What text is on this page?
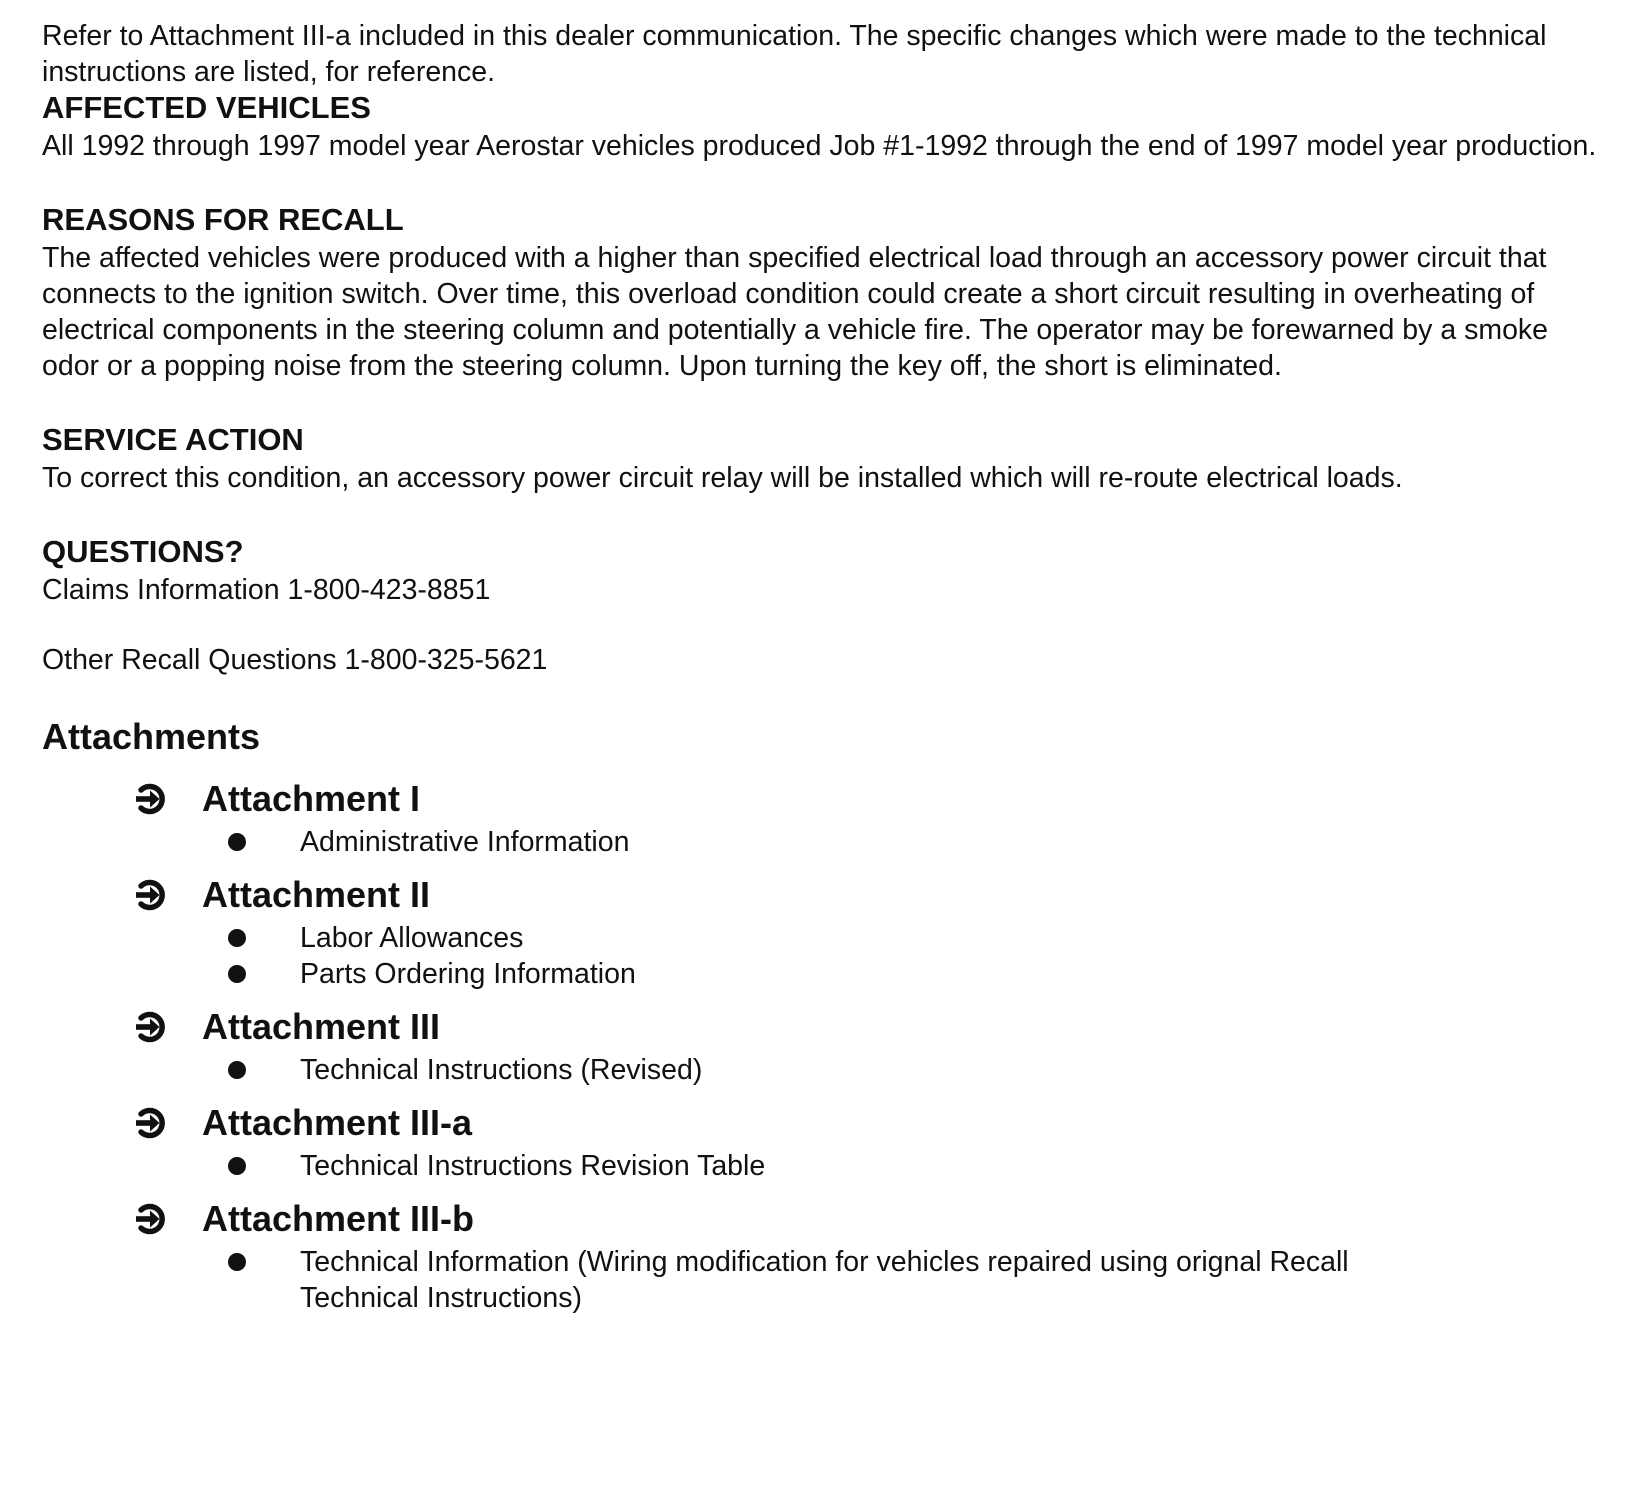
Refer to Attachment III-a included in this dealer communication. The specific changes which were made to the technical instructions are listed, for reference.

AFFECTED VEHICLES

All 1992 through 1997 model year Aerostar vehicles produced Job #1-1992 through the end of 1997 model year production.

REASONS FOR RECALL

The affected vehicles were produced with a higher than specified electrical load through an accessory power circuit that connects to the ignition switch. Over time, this overload condition could create a short circuit resulting in overheating of electrical components in the steering column and potentially a vehicle fire. The operator may be forewarned by a smoke odor or a popping noise from the steering column. Upon turning the key off, the short is eliminated.

SERVICE ACTION

To correct this condition, an accessory power circuit relay will be installed which will re-route electrical loads.

QUESTIONS?

Claims Information 1-800-423-8851

Other Recall Questions 1-800-325-5621

Attachments
Attachment I
Administrative Information
Attachment II
Labor Allowances
Parts Ordering Information
Attachment III
Technical Instructions (Revised)
Attachment III-a
Technical Instructions Revision Table
Attachment III-b
Technical Information (Wiring modification for vehicles repaired using orignal Recall Technical Instructions)
